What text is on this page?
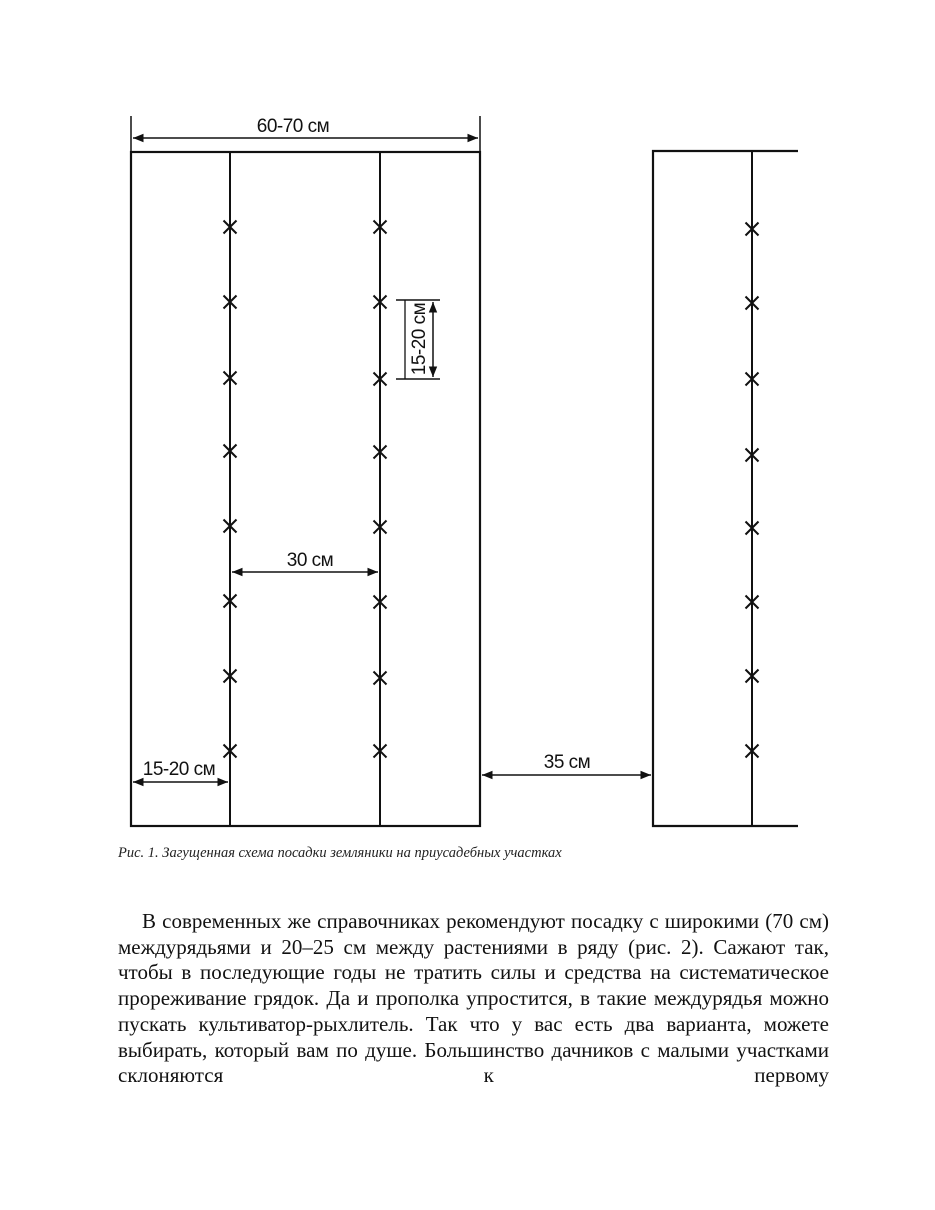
60-70 см
15-20 см
30 см
15-20 см	35 см
Рис. 1. Загущенная схема посадки земляники на приусадебных участках
В современных же справочниках рекомендуют посадку с широкими (70 см) междурядьями и 20–25 см между растениями в ряду (рис. 2). Сажают так, чтобы в последующие годы не тратить силы и средства на систематическое прореживание грядок. Да и прополка упростится, в такие междурядья можно пускать культиватор-рыхлитель. Так что у вас есть два варианта, можете выбирать, который вам по душе. Большинство дачников с малыми участками склоняются к первому
